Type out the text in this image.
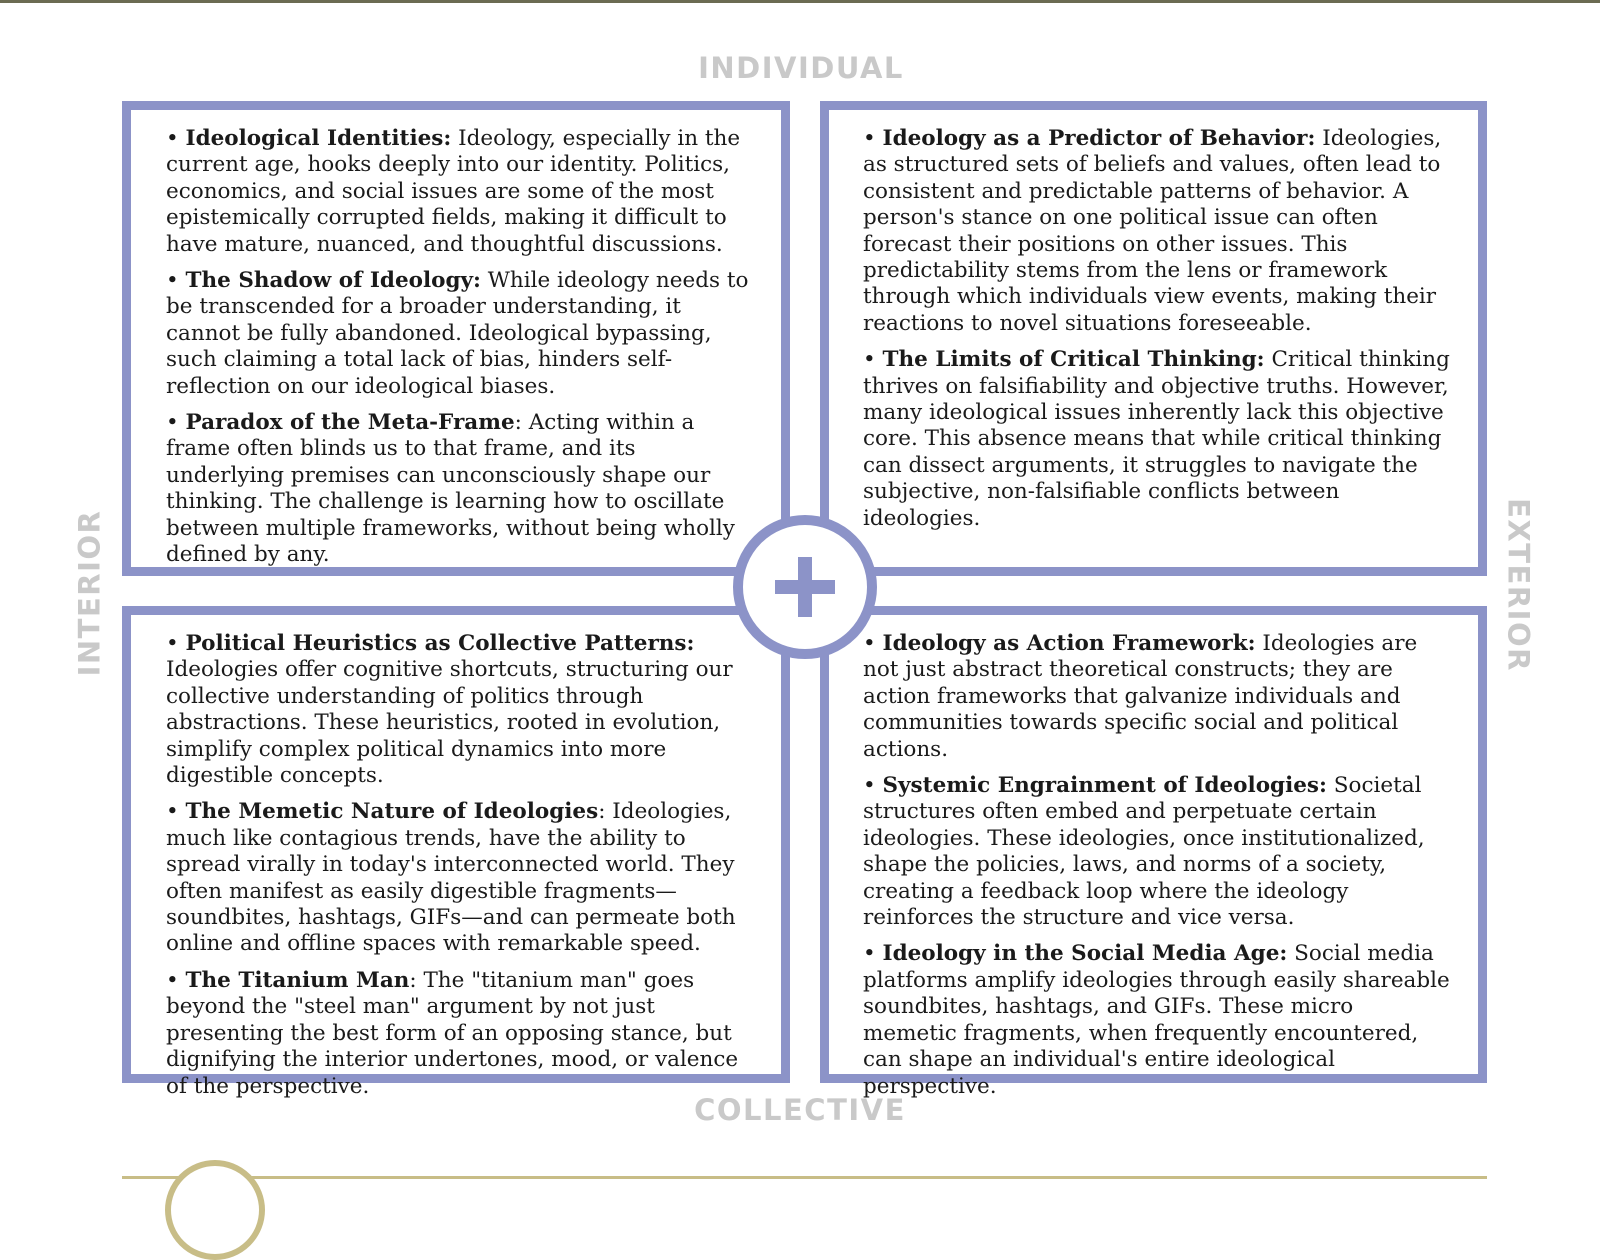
INDIVIDUAL
COLLECTIVE
INTERIOR	EXTERIOR

• Ideological Identities: Ideology, especially in the current age, hooks deeply into our identity. Politics, economics, and social issues are some of the most epistemically corrupted fields, making it difficult to have mature, nuanced, and thoughtful discussions.

• The Shadow of Ideology: While ideology needs to be transcended for a broader understanding, it cannot be fully abandoned. Ideological bypassing, such claiming a total lack of bias, hinders self-reflection on our ideological biases.

• Paradox of the Meta-Frame: Acting within a frame often blinds us to that frame, and its underlying premises can unconsciously shape our thinking. The challenge is learning how to oscillate between multiple frameworks, without being wholly defined by any.

• Ideology as a Predictor of Behavior: Ideologies, as structured sets of beliefs and values, often lead to consistent and predictable patterns of behavior. A person's stance on one political issue can often forecast their positions on other issues. This predictability stems from the lens or framework through which individuals view events, making their reactions to novel situations foreseeable.

• The Limits of Critical Thinking: Critical thinking thrives on falsifiability and objective truths. However, many ideological issues inherently lack this objective core. This absence means that while critical thinking can dissect arguments, it struggles to navigate the subjective, non-falsifiable conflicts between ideologies.

• Political Heuristics as Collective Patterns: Ideologies offer cognitive shortcuts, structuring our collective understanding of politics through abstractions. These heuristics, rooted in evolution, simplify complex political dynamics into more digestible concepts.

• The Memetic Nature of Ideologies: Ideologies, much like contagious trends, have the ability to spread virally in today's interconnected world. They often manifest as easily digestible fragments—soundbites, hashtags, GIFs—and can permeate both online and offline spaces with remarkable speed.

• The Titanium Man: The "titanium man" goes beyond the "steel man" argument by not just presenting the best form of an opposing stance, but dignifying the interior undertones, mood, or valence of the perspective.

• Ideology as Action Framework: Ideologies are not just abstract theoretical constructs; they are action frameworks that galvanize individuals and communities towards specific social and political actions.

• Systemic Engrainment of Ideologies: Societal structures often embed and perpetuate certain ideologies. These ideologies, once institutionalized, shape the policies, laws, and norms of a society, creating a feedback loop where the ideology reinforces the structure and vice versa.

• Ideology in the Social Media Age: Social media platforms amplify ideologies through easily shareable soundbites, hashtags, and GIFs. These micro memetic fragments, when frequently encountered, can shape an individual's entire ideological perspective.
